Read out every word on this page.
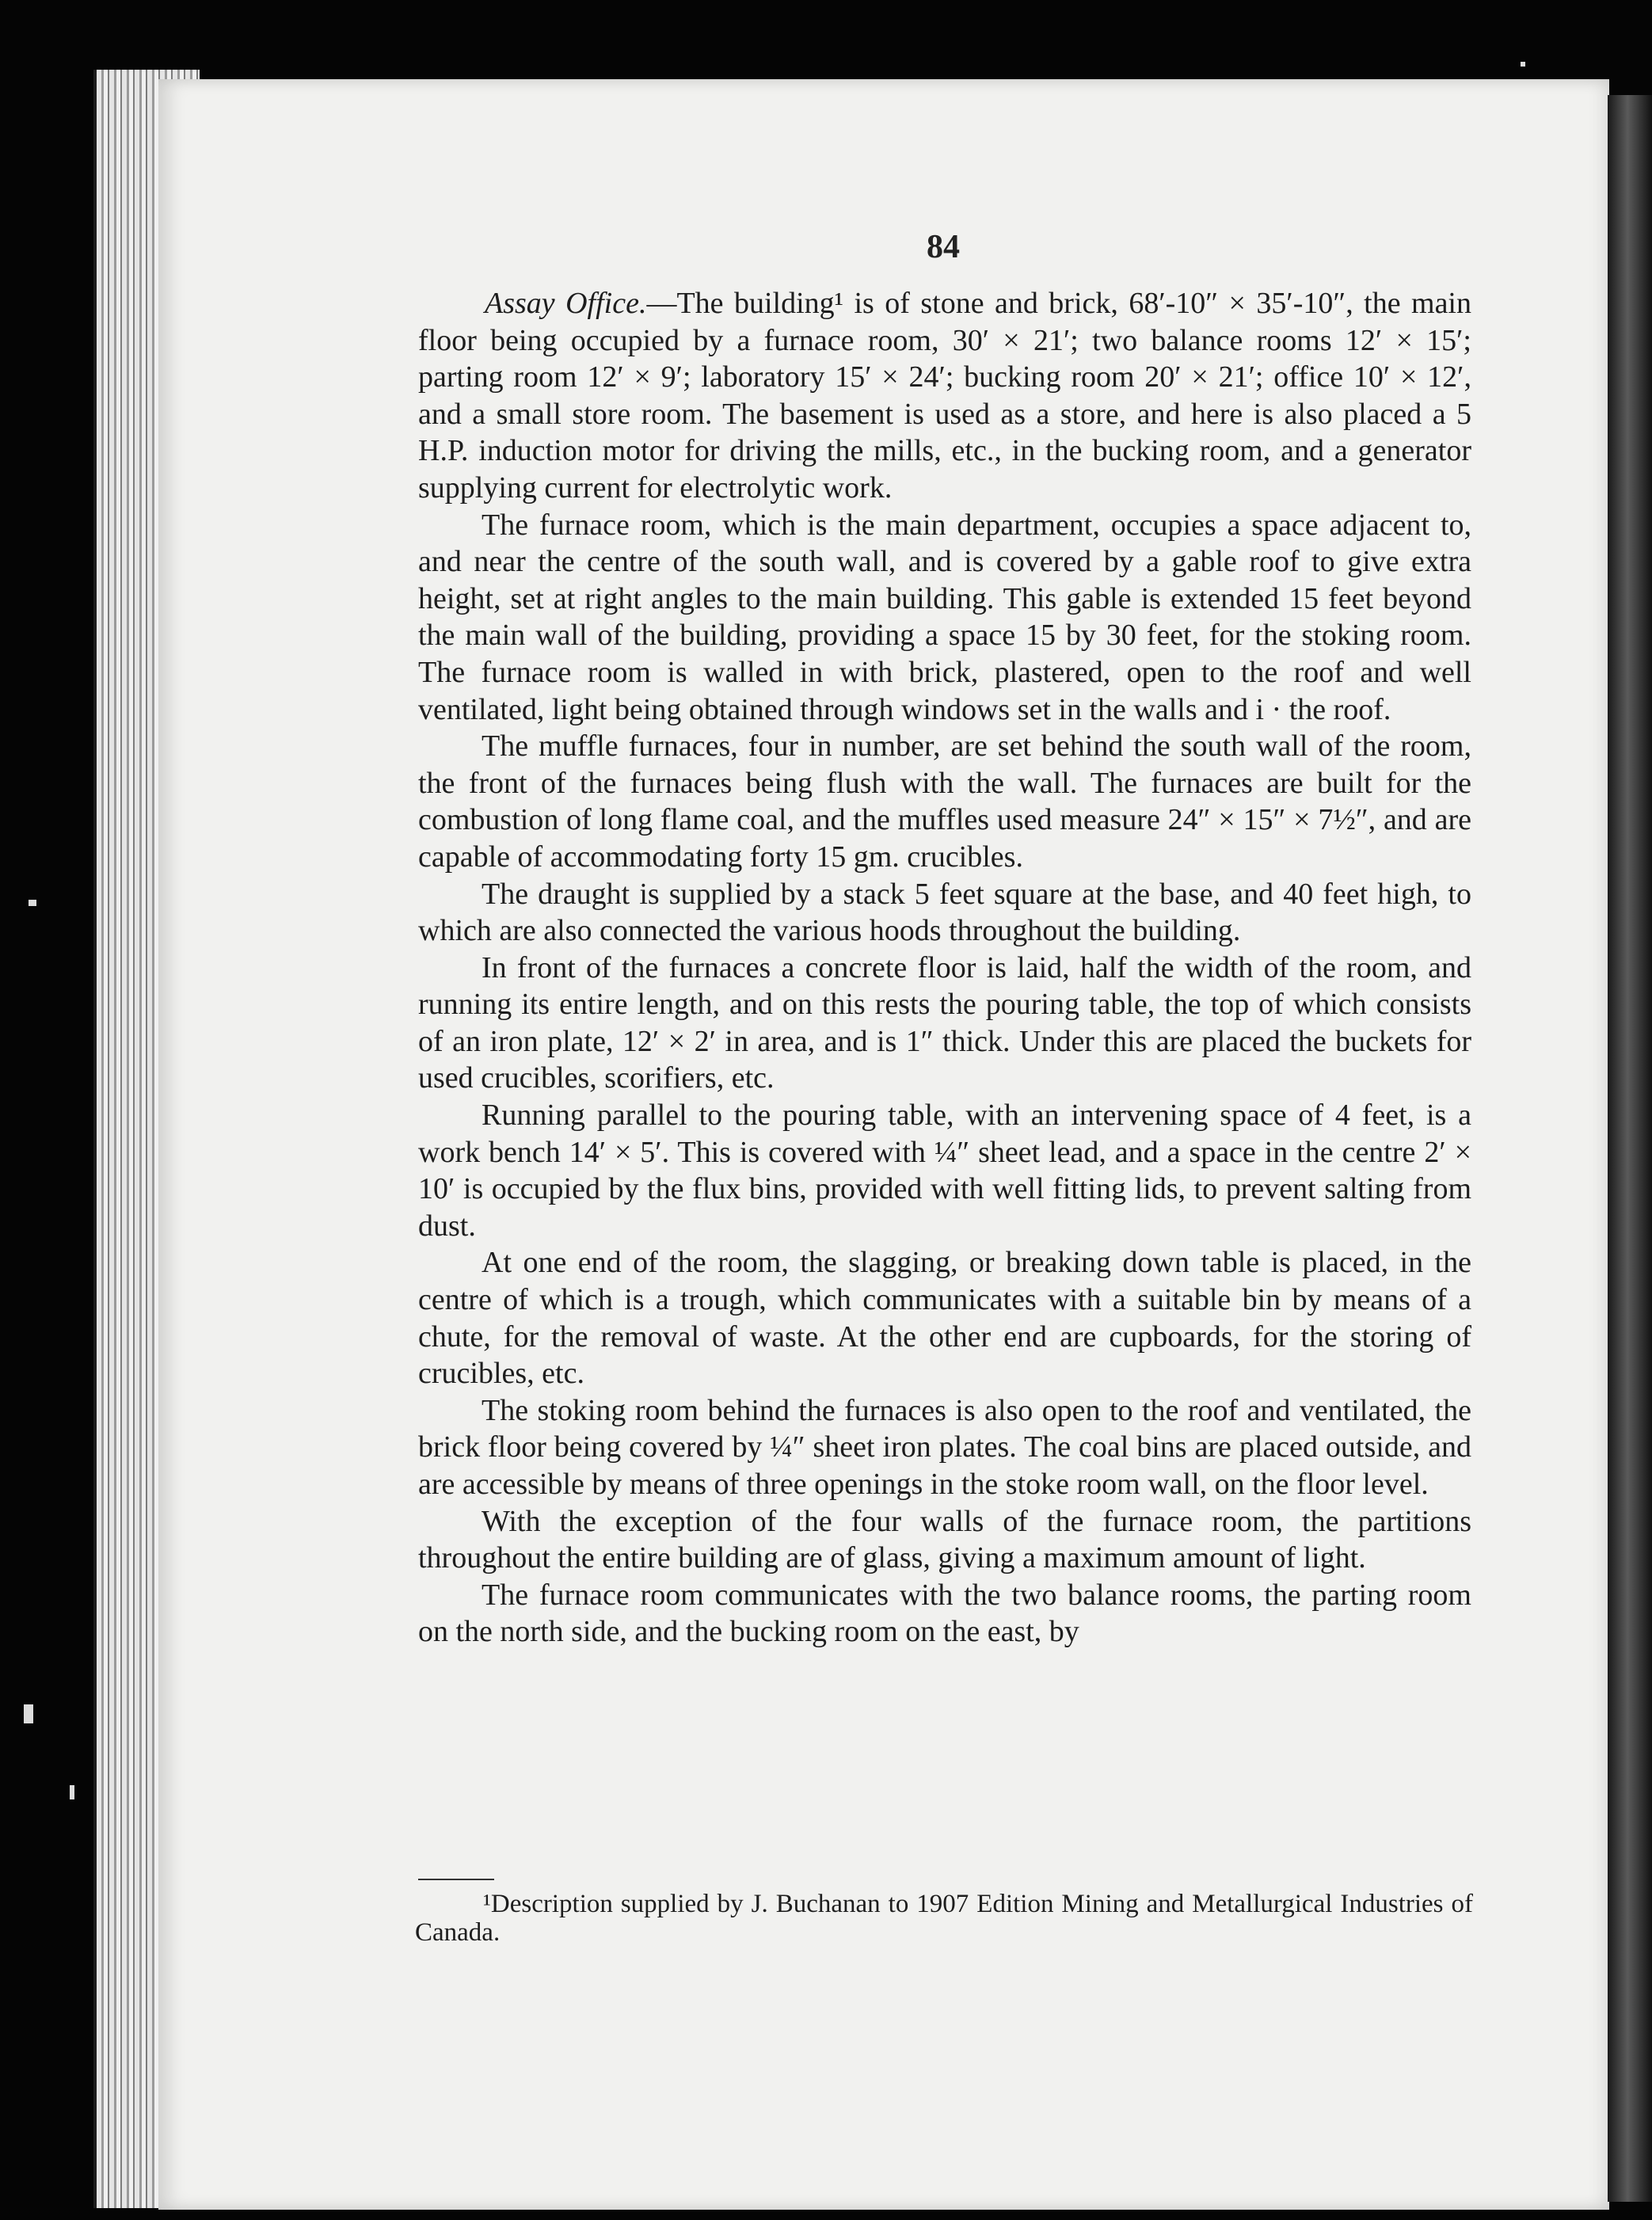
84

Assay Office.—The building¹ is of stone and brick, 68′-10″ × 35′-10″, the main floor being occupied by a furnace room, 30′ × 21′; two balance rooms 12′ × 15′; parting room 12′ × 9′; laboratory 15′ × 24′; bucking room 20′ × 21′; office 10′ × 12′, and a small store room. The basement is used as a store, and here is also placed a 5 H.P. induction motor for driving the mills, etc., in the bucking room, and a generator supplying current for electrolytic work.

The furnace room, which is the main department, occupies a space adjacent to, and near the centre of the south wall, and is covered by a gable roof to give extra height, set at right angles to the main building. This gable is extended 15 feet beyond the main wall of the building, providing a space 15 by 30 feet, for the stoking room. The furnace room is walled in with brick, plastered, open to the roof and well ventilated, light being obtained through windows set in the walls and i · the roof.

The muffle furnaces, four in number, are set behind the south wall of the room, the front of the furnaces being flush with the wall. The furnaces are built for the combustion of long flame coal, and the muffles used measure 24″ × 15″ × 7½″, and are capable of accommodating forty 15 gm. crucibles.

The draught is supplied by a stack 5 feet square at the base, and 40 feet high, to which are also connected the various hoods throughout the building.

In front of the furnaces a concrete floor is laid, half the width of the room, and running its entire length, and on this rests the pouring table, the top of which consists of an iron plate, 12′ × 2′ in area, and is 1″ thick. Under this are placed the buckets for used crucibles, scorifiers, etc.

Running parallel to the pouring table, with an intervening space of 4 feet, is a work bench 14′ × 5′. This is covered with ¼″ sheet lead, and a space in the centre 2′ × 10′ is occupied by the flux bins, provided with well fitting lids, to prevent salting from dust.

At one end of the room, the slagging, or breaking down table is placed, in the centre of which is a trough, which communicates with a suitable bin by means of a chute, for the removal of waste. At the other end are cupboards, for the storing of crucibles, etc.

The stoking room behind the furnaces is also open to the roof and ventilated, the brick floor being covered by ¼″ sheet iron plates. The coal bins are placed outside, and are accessible by means of three openings in the stoke room wall, on the floor level.

With the exception of the four walls of the furnace room, the partitions throughout the entire building are of glass, giving a maximum amount of light.

The furnace room communicates with the two balance rooms, the parting room on the north side, and the bucking room on the east, by

¹Description supplied by J. Buchanan to 1907 Edition Mining and Metallurgical Industries of Canada.
